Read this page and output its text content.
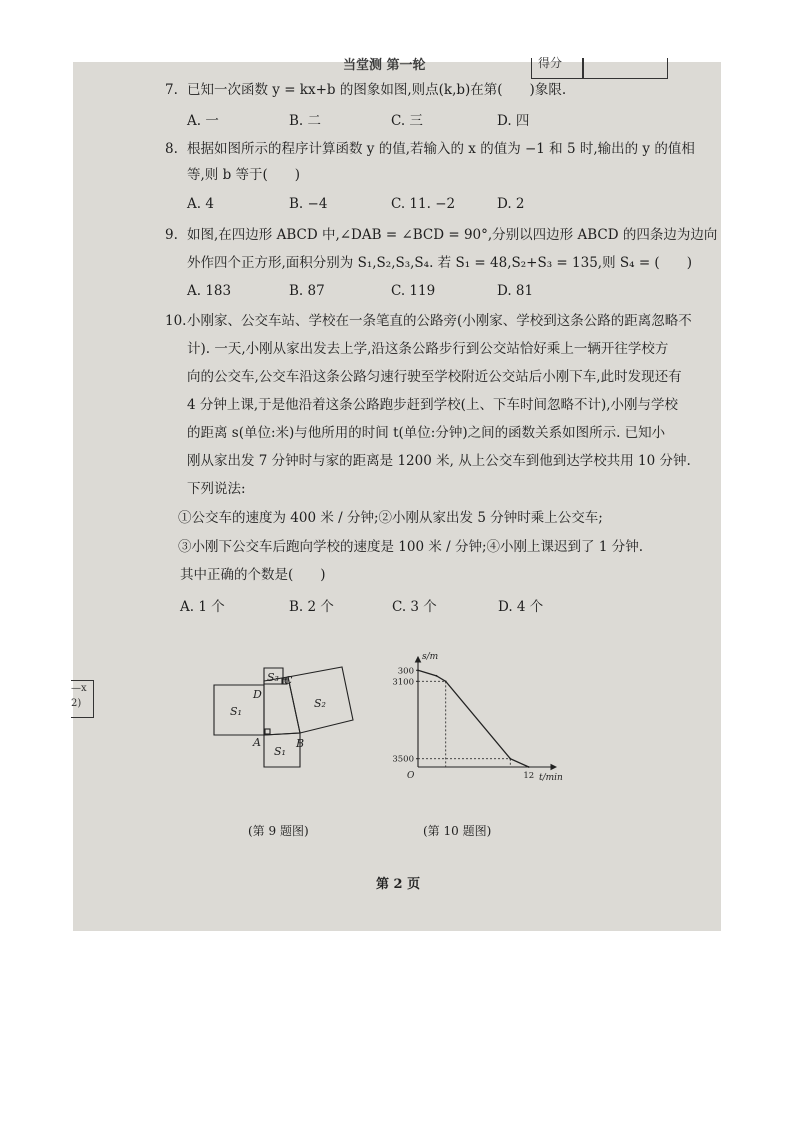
当堂测 第一轮	得分
—x
2)
7. 已知一次函数 y = kx+b 的图象如图,则点(k,b)在第(　　)象限.
A. 一	B. 二	C. 三	D. 四
8. 根据如图所示的程序计算函数 y 的值,若输入的 x 的值为 −1 和 5 时,输出的 y 的值相
等,则 b 等于(　　)
A. 4	B. −4	C. 11. −2	D. 2
9. 如图,在四边形 ABCD 中,∠DAB = ∠BCD = 90°,分别以四边形 ABCD 的四条边为边向
外作四个正方形,面积分别为 S₁,S₂,S₃,S₄. 若 S₁ = 48,S₂+S₃ = 135,则 S₄ = (　　)
A. 183	B. 87	C. 119	D. 81
10.小刚家、公交车站、学校在一条笔直的公路旁(小刚家、学校到这条公路的距离忽略不
计). 一天,小刚从家出发去上学,沿这条公路步行到公交站恰好乘上一辆开往学校方
向的公交车,公交车沿这条公路匀速行驶至学校附近公交站后小刚下车,此时发现还有
4 分钟上课,于是他沿着这条公路跑步赶到学校(上、下车时间忽略不计),小刚与学校
的距离 s(单位:米)与他所用的时间 t(单位:分钟)之间的函数关系如图所示. 已知小
刚从家出发 7 分钟时与家的距离是 1200 米, 从上公交车到他到达学校共用 10 分钟.
下列说法:
①公交车的速度为 400 米 / 分钟;②小刚从家出发 5 分钟时乘上公交车;
③小刚下公交车后跑向学校的速度是 100 米 / 分钟;④小刚上课迟到了 1 分钟.
其中正确的个数是(　　)
A. 1 个	B. 2 个	C. 3 个	D. 4 个
S₃ C
D
S₁
S₂
A	B
S₁
(第 9 题图)
s/m
t/min
O
3500
3100
300
12
(第 10 题图)
第 2 页
